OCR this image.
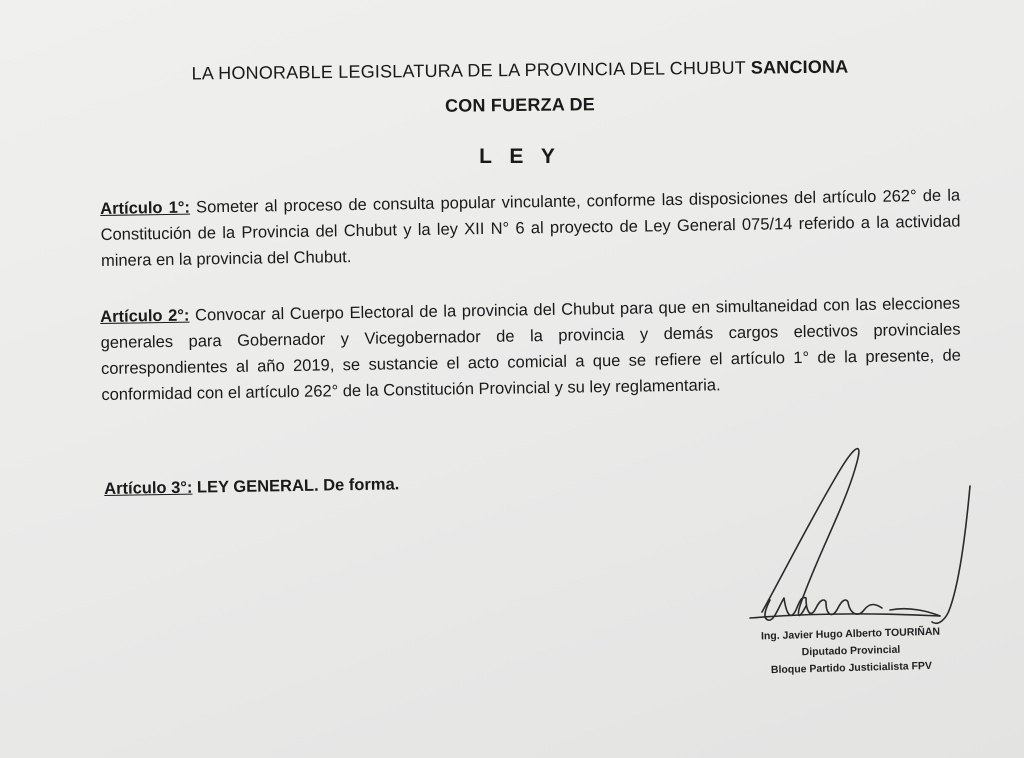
LA HONORABLE LEGISLATURA DE LA PROVINCIA DEL CHUBUT SANCIONA
CON FUERZA DE
L E Y
Artículo 1°: Someter al proceso de consulta popular vinculante, conforme las disposiciones del artículo 262° de la Constitución de la Provincia del Chubut y la ley XII N° 6 al proyecto de Ley General 075/14 referido a la actividad minera en la provincia del Chubut.
Artículo 2°: Convocar al Cuerpo Electoral de la provincia del Chubut para que en simultaneidad con las elecciones generales para Gobernador y Vicegobernador de la provincia y demás cargos electivos provinciales correspondientes al año 2019, se sustancie el acto comicial a que se refiere el artículo 1° de la presente, de conformidad con el artículo 262° de la Constitución Provincial y su ley reglamentaria.
Artículo 3°: LEY GENERAL. De forma.
Ing. Javier Hugo Alberto TOURIÑAN
Diputado Provincial
Bloque Partido Justicialista FPV
